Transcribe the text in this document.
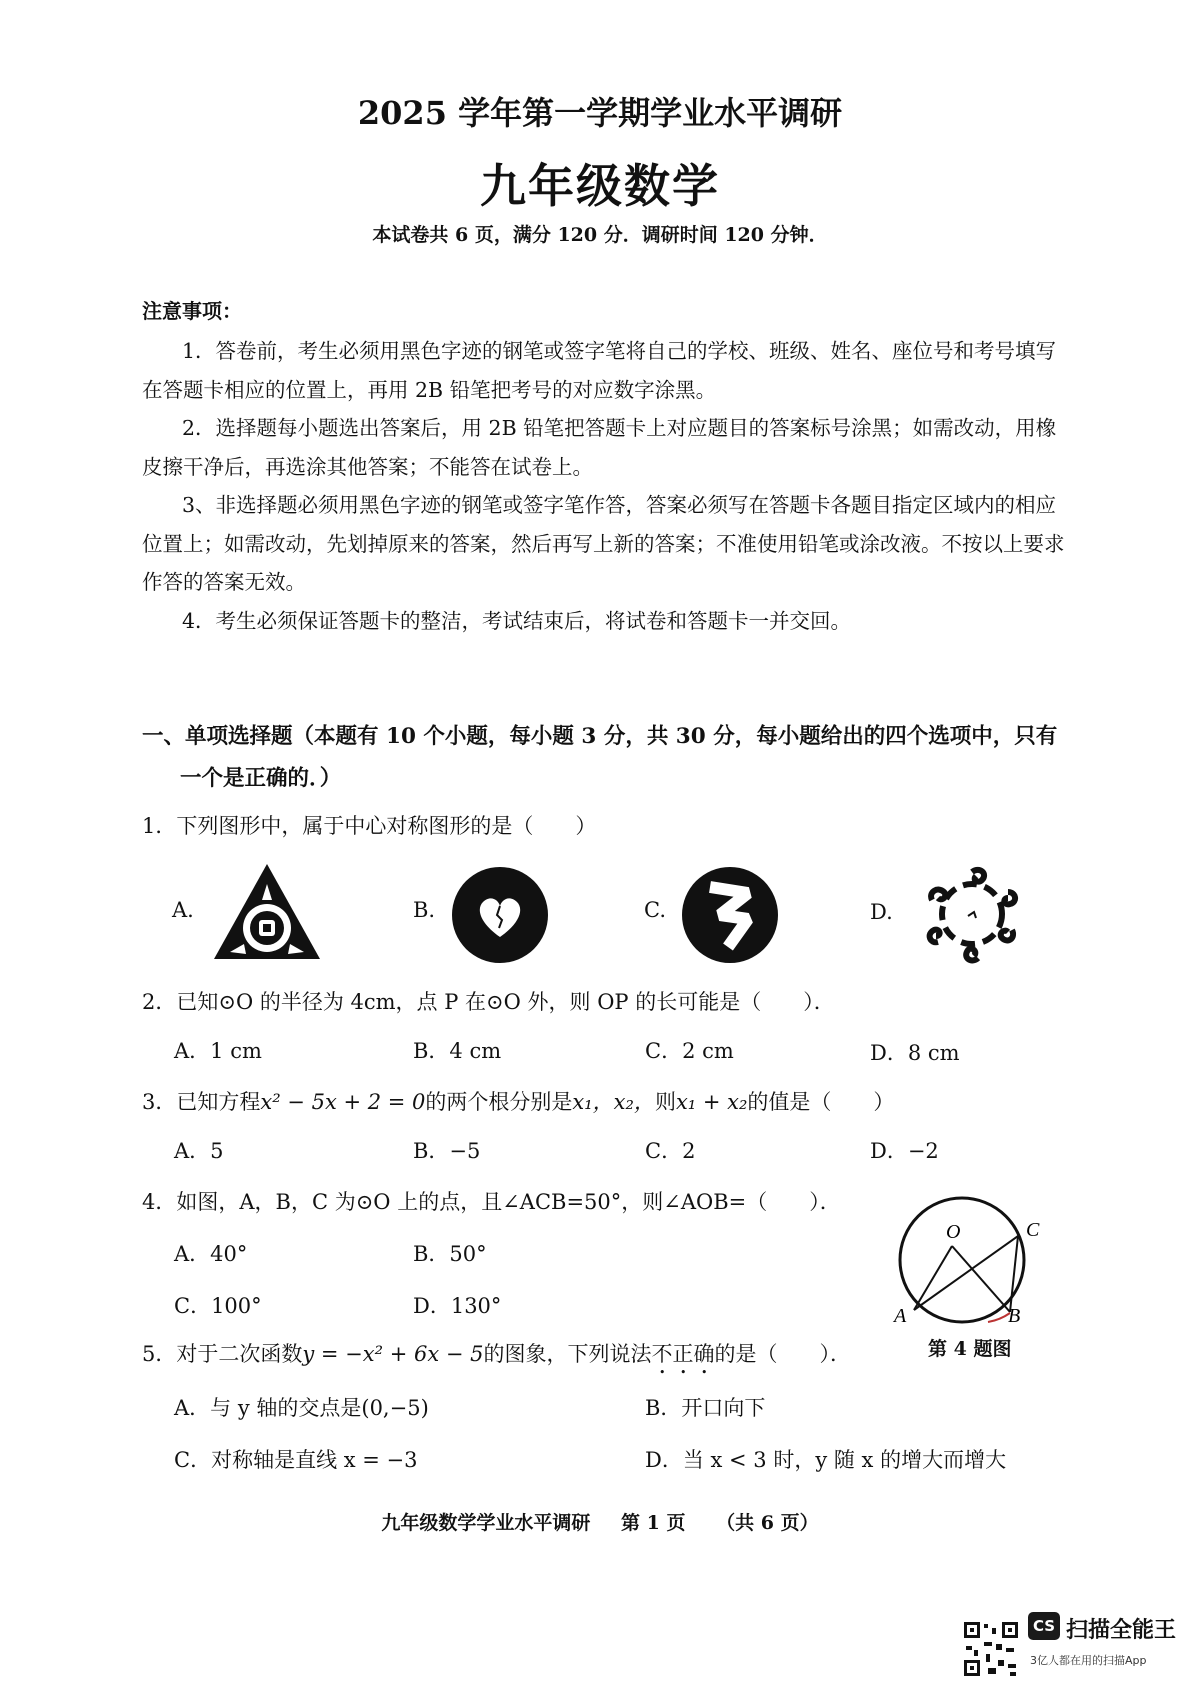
2025 学年第一学期学业水平调研
九年级数学
本试卷共 6 页，满分 120 分．调研时间 120 分钟．
注意事项：
1．答卷前，考生必须用黑色字迹的钢笔或签字笔将自己的学校、班级、姓名、座位号和考号填写在答题卡相应的位置上，再用 2B 铅笔把考号的对应数字涂黑。
2．选择题每小题选出答案后，用 2B 铅笔把答题卡上对应题目的答案标号涂黑；如需改动，用橡皮擦干净后，再选涂其他答案；不能答在试卷上。
3、非选择题必须用黑色字迹的钢笔或签字笔作答，答案必须写在答题卡各题目指定区域内的相应位置上；如需改动，先划掉原来的答案，然后再写上新的答案；不准使用铅笔或涂改液。不按以上要求作答的答案无效。
4．考生必须保证答题卡的整洁，考试结束后，将试卷和答题卡一并交回。
一、单项选择题（本题有 10 个小题，每小题 3 分，共 30 分，每小题给出的四个选项中，只有
一个是正确的．）
1．下列图形中，属于中心对称图形的是（　　）
A.	B.	C.	D.
2．已知⊙O 的半径为 4cm，点 P 在⊙O 外，则 OP 的长可能是（　　）．
A．1 cm	B．4 cm	C．2 cm	D．8 cm
3．已知方程x² − 5x + 2 = 0的两个根分别是x₁，x₂，则x₁ + x₂的值是（　　）
A．5	B．−5	C．2	D．−2
4．如图，A，B，C 为⊙O 上的点，且∠ACB=50°，则∠AOB=（　　）．
A．40°	B．50°
C．100°	D．130°
O	C
A	B
第 4 题图
5．对于二次函数y = −x² + 6x − 5的图象，下列说法不正确的是（　　）．
A．与 y 轴的交点是(0,−5)	B．开口向下
C．对称轴是直线 x = −3	D．当 x < 3 时，y 随 x 的增大而增大
九年级数学学业水平调研 第 1 页 （共 6 页）
CS 扫描全能王
3亿人都在用的扫描App
